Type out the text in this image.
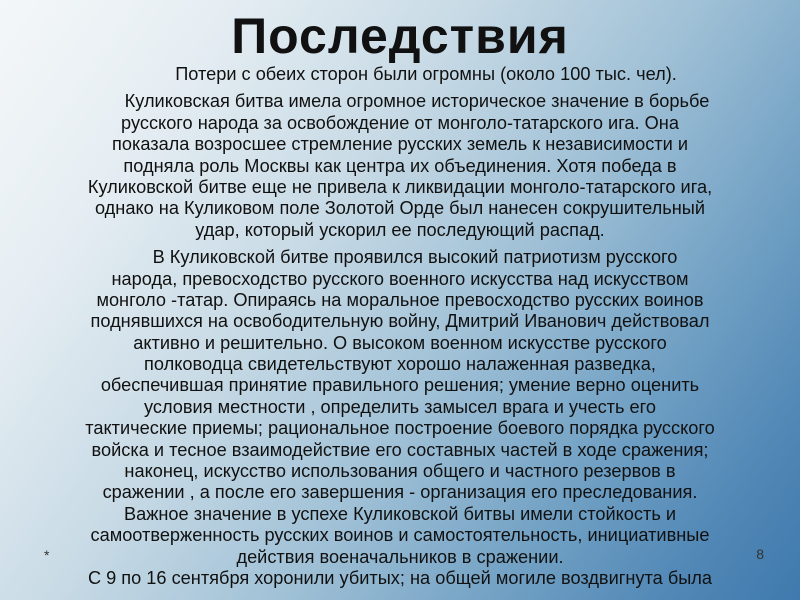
Последствия
Потери с обеих сторон были огромны (около 100 тыс. чел).
Куликовская битва имела огромное историческое значение в борьбе
русского народа за освобождение от монголо-татарского ига. Она
показала возросшее стремление русских земель к независимости и
подняла роль Москвы как центра их объединения. Хотя победа в
Куликовской битве еще не привела к ликвидации монголо-татарского ига,
однако на Куликовом поле Золотой Орде был нанесен сокрушительный
удар, который ускорил ее последующий распад.
В Куликовской битве проявился высокий патриотизм русского
народа, превосходство русского военного искусства над искусством
монголо -татар. Опираясь на моральное превосходство русских воинов
поднявшихся на освободительную войну, Дмитрий Иванович действовал
активно и решительно. О высоком военном искусстве русского
полководца свидетельствуют хорошо налаженная разведка,
обеспечившая принятие правильного решения; умение верно оценить
условия местности , определить замысел врага и учесть его
тактические приемы; рациональное построение боевого порядка русского
войска и тесное взаимодействие его составных частей в ходе сражения;
наконец, искусство использования общего и частного резервов в
сражении , а после его завершения - организация его преследования.
Важное значение в успехе Куликовской битвы имели стойкость и
самоотверженность русских воинов и самостоятельность, инициативные
действия военачальников в сражении.
С 9 по 16 сентября хоронили убитых; на общей могиле воздвигнута была
*	8
